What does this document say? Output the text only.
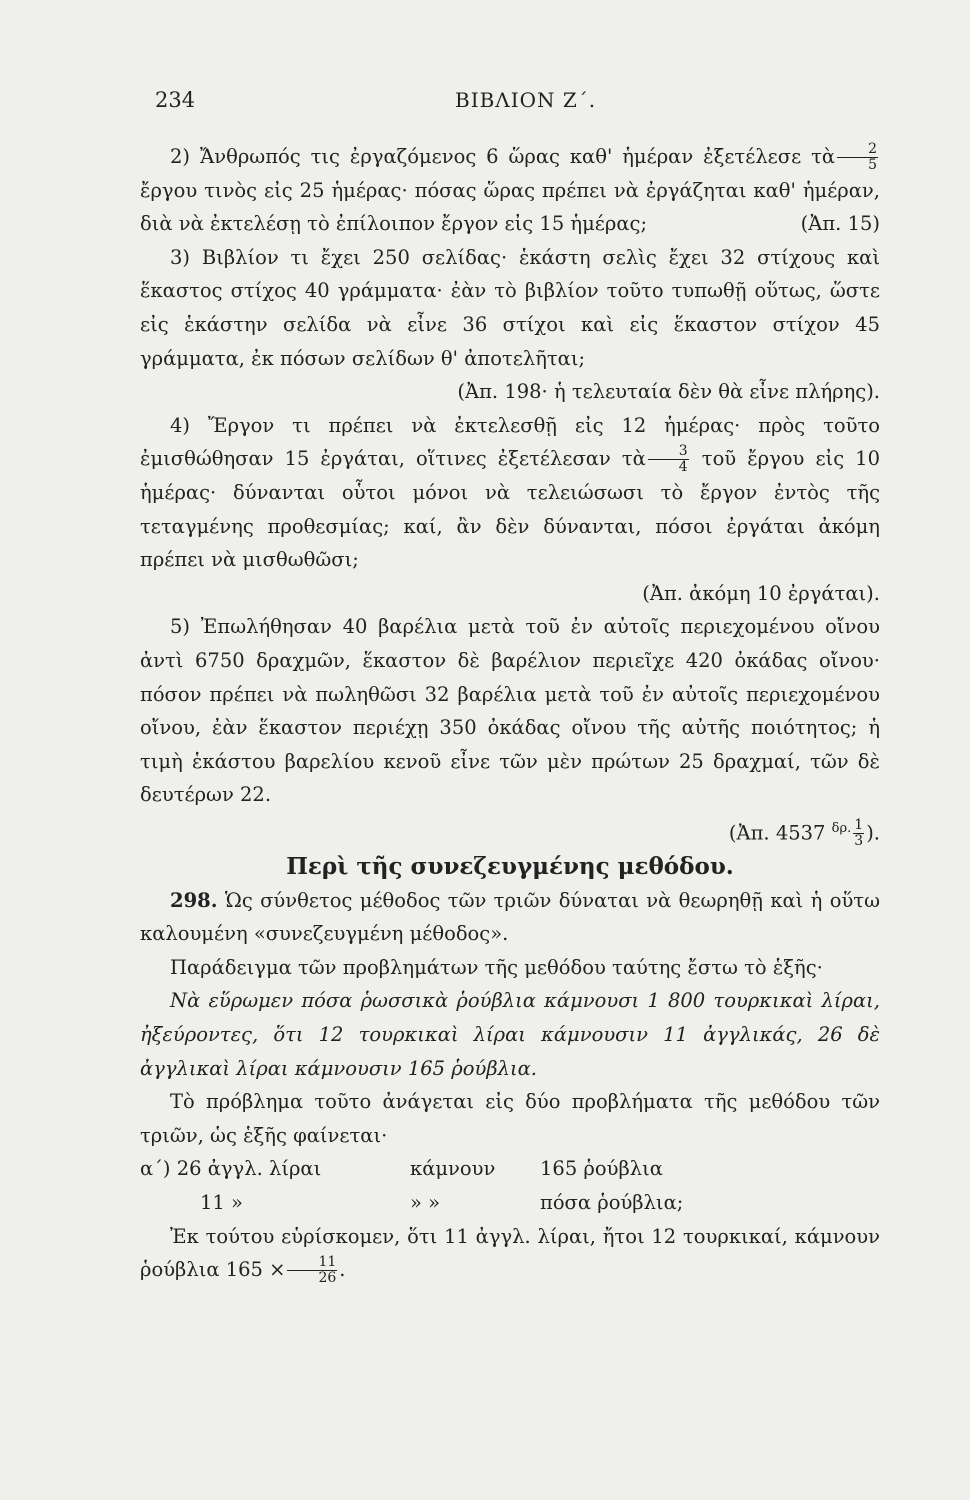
234	ΒΙΒΛΙΟΝ Ζ΄.

2) Ἄνθρωπός τις ἐργαζόμενος 6 ὥρας καθ' ἡμέραν ἐξετέλεσε τὰ $\frac{2}{5}$
ἔργου τινὸς εἰς 25 ἡμέρας· πόσας ὥρας πρέπει νὰ ἐργάζηται καθ' ἡμέραν, διὰ νὰ ἐκτελέσῃ τὸ ἐπίλοιπον ἔργον εἰς 15 ἡμέρας;	(Ἀπ. 15)

3) Βιβλίον τι ἔχει 250 σελίδας· ἑκάστη σελὶς ἔχει 32 στίχους καὶ ἕκαστος στίχος 40 γράμματα· ἐὰν τὸ βιβλίον τοῦτο τυπωθῇ οὕτως, ὥστε εἰς ἑκάστην σελίδα νὰ εἶνε 36 στίχοι καὶ εἰς ἕκαστον στίχον 45 γράμματα, ἐκ πόσων σελίδων θ' ἀποτελῆται;

(Ἀπ. 198· ἡ τελευταία δὲν θὰ εἶνε πλήρης).

4) Ἔργον τι πρέπει νὰ ἐκτελεσθῇ εἰς 12 ἡμέρας· πρὸς τοῦτο ἐμισθώθησαν 15 ἐργάται, οἵτινες ἐξετέλεσαν τὰ $\frac{3}{4}$ τοῦ ἔργου εἰς 10 ἡμέρας· δύνανται οὗτοι μόνοι νὰ τελειώσωσι τὸ ἔργον ἐντὸς τῆς τεταγμένης προθεσμίας; καί, ἂν δὲν δύνανται, πόσοι ἐργάται ἀκόμη πρέπει νὰ μισθωθῶσι;

(Ἀπ. ἀκόμη 10 ἐργάται).

5) Ἐπωλήθησαν 40 βαρέλια μετὰ τοῦ ἐν αὐτοῖς περιεχομένου οἴνου ἀντὶ 6750 δραχμῶν, ἕκαστον δὲ βαρέλιον περιεῖχε 420 ὀκάδας οἴνου· πόσον πρέπει νὰ πωληθῶσι 32 βαρέλια μετὰ τοῦ ἐν αὐτοῖς περιεχομένου οἴνου, ἐὰν ἕκαστον περιέχῃ 350 ὀκάδας οἴνου τῆς αὐτῆς ποιότητος; ἡ τιμὴ ἑκάστου βαρελίου κενοῦ εἶνε τῶν μὲν πρώτων 25 δραχμαί, τῶν δὲ δευτέρων 22.

(Ἀπ. 4537 $^{\delta\rho.} \frac{1}{3}$ ).

Περὶ τῆς συνεζευγμένης μεθόδου.

298. Ὡς σύνθετος μέθοδος τῶν τριῶν δύναται νὰ θεωρηθῇ καὶ ἡ οὕτω καλουμένη «συνεζευγμένη μέθοδος».

Παράδειγμα τῶν προβλημάτων τῆς μεθόδου ταύτης ἔστω τὸ ἑξῆς·

Νὰ εὕρωμεν πόσα ῥωσσικὰ ῥούβλια κάμνουσι 1 800 τουρκικαὶ λίραι, ἠξεύροντες, ὅτι 12 τουρκικαὶ λίραι κάμνουσιν 11 ἀγγλικάς, 26 δὲ ἀγγλικαὶ λίραι κάμνουσιν 165 ῥούβλια.

Τὸ πρόβλημα τοῦτο ἀνάγεται εἰς δύο προβλήματα τῆς μεθόδου τῶν τριῶν, ὡς ἑξῆς φαίνεται·

α΄) 26 ἀγγλ. λίραι	κάμνουν	165 ῥούβλια
11 »	» »	πόσα ῥούβλια;

Ἐκ τούτου εὑρίσκομεν, ὅτι 11 ἀγγλ. λίραι, ἤτοι 12 τουρκικαί, κάμνουν ῥούβλια $165 \times \frac{11}{26}$ .
